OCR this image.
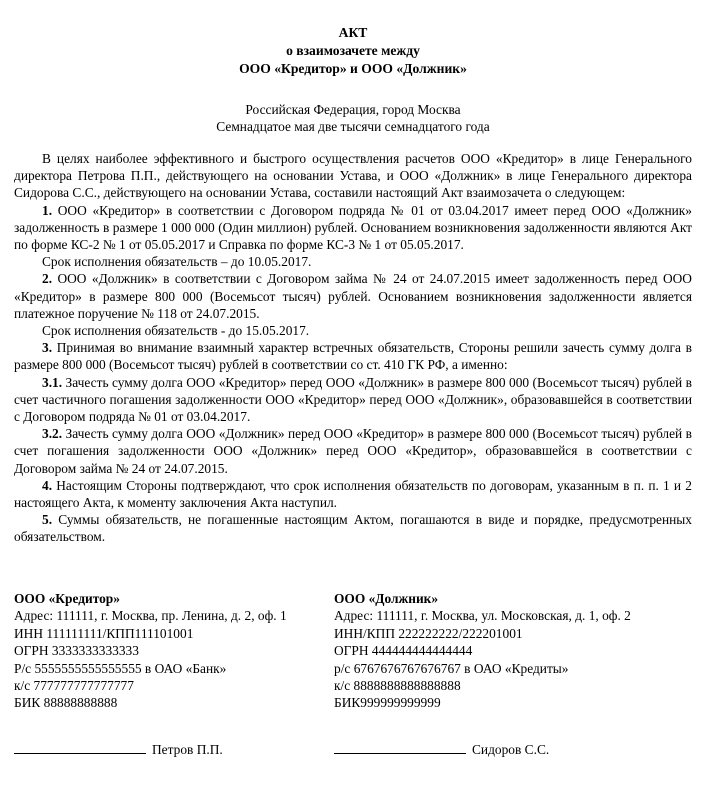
АКТ
о взаимозачете между
ООО «Кредитор» и ООО «Должник»
Российская Федерация, город Москва
Семнадцатое мая две тысячи семнадцатого года

В целях наиболее эффективного и быстрого осуществления расчетов ООО «Кредитор» в лице Генерального директора Петрова П.П., действующего на основании Устава, и ООО «Должник» в лице Генерального директора Сидорова С.С., действующего на основании Устава, составили настоящий Акт взаимозачета о следующем:

1. ООО «Кредитор» в соответствии с Договором подряда № 01 от 03.04.2017 имеет перед ООО «Должник» задолженность в размере 1 000 000 (Один миллион) рублей. Основанием возникновения задолженности являются Акт по форме КС-2 № 1 от 05.05.2017 и Справка по форме КС-3 № 1 от 05.05.2017.

Срок исполнения обязательств – до 10.05.2017.

2. ООО «Должник» в соответствии с Договором займа № 24 от 24.07.2015 имеет задолженность перед ООО «Кредитор» в размере 800 000 (Восемьсот тысяч) рублей. Основанием возникновения задолженности является платежное поручение № 118 от 24.07.2015.

Срок исполнения обязательств - до 15.05.2017.

3. Принимая во внимание взаимный характер встречных обязательств, Стороны решили зачесть сумму долга в размере 800 000 (Восемьсот тысяч) рублей в соответствии со ст. 410 ГК РФ, а именно:

3.1. Зачесть сумму долга ООО «Кредитор» перед ООО «Должник» в размере 800 000 (Восемьсот тысяч) рублей в счет частичного погашения задолженности ООО «Кредитор» перед ООО «Должник», образовавшейся в соответствии с Договором подряда № 01 от 03.04.2017.

3.2. Зачесть сумму долга ООО «Должник» перед ООО «Кредитор» в размере 800 000 (Восемьсот тысяч) рублей в счет погашения задолженности ООО «Должник» перед ООО «Кредитор», образовавшейся в соответствии с Договором займа № 24 от 24.07.2015.

4. Настоящим Стороны подтверждают, что срок исполнения обязательств по договорам, указанным в п. п. 1 и 2 настоящего Акта, к моменту заключения Акта наступил.

5. Суммы обязательств, не погашенные настоящим Актом, погашаются в виде и порядке, предусмотренных обязательством.

ООО «Кредитор»
Адрес: 111111, г. Москва, пр. Ленина, д. 2, оф. 1
ИНН 111111111/КПП111101001
ОГРН 3333333333333
Р/с 5555555555555555 в ОАО «Банк»
к/с 777777777777777
БИК 88888888888
ООО «Должник»
Адрес: 111111, г. Москва, ул. Московская, д. 1, оф. 2
ИНН/КПП 222222222/222201001
ОГРН 444444444444444
р/с 6767676767676767 в ОАО «Кредиты»
к/с 8888888888888888
БИК999999999999
Петров П.П.	Сидоров С.С.
